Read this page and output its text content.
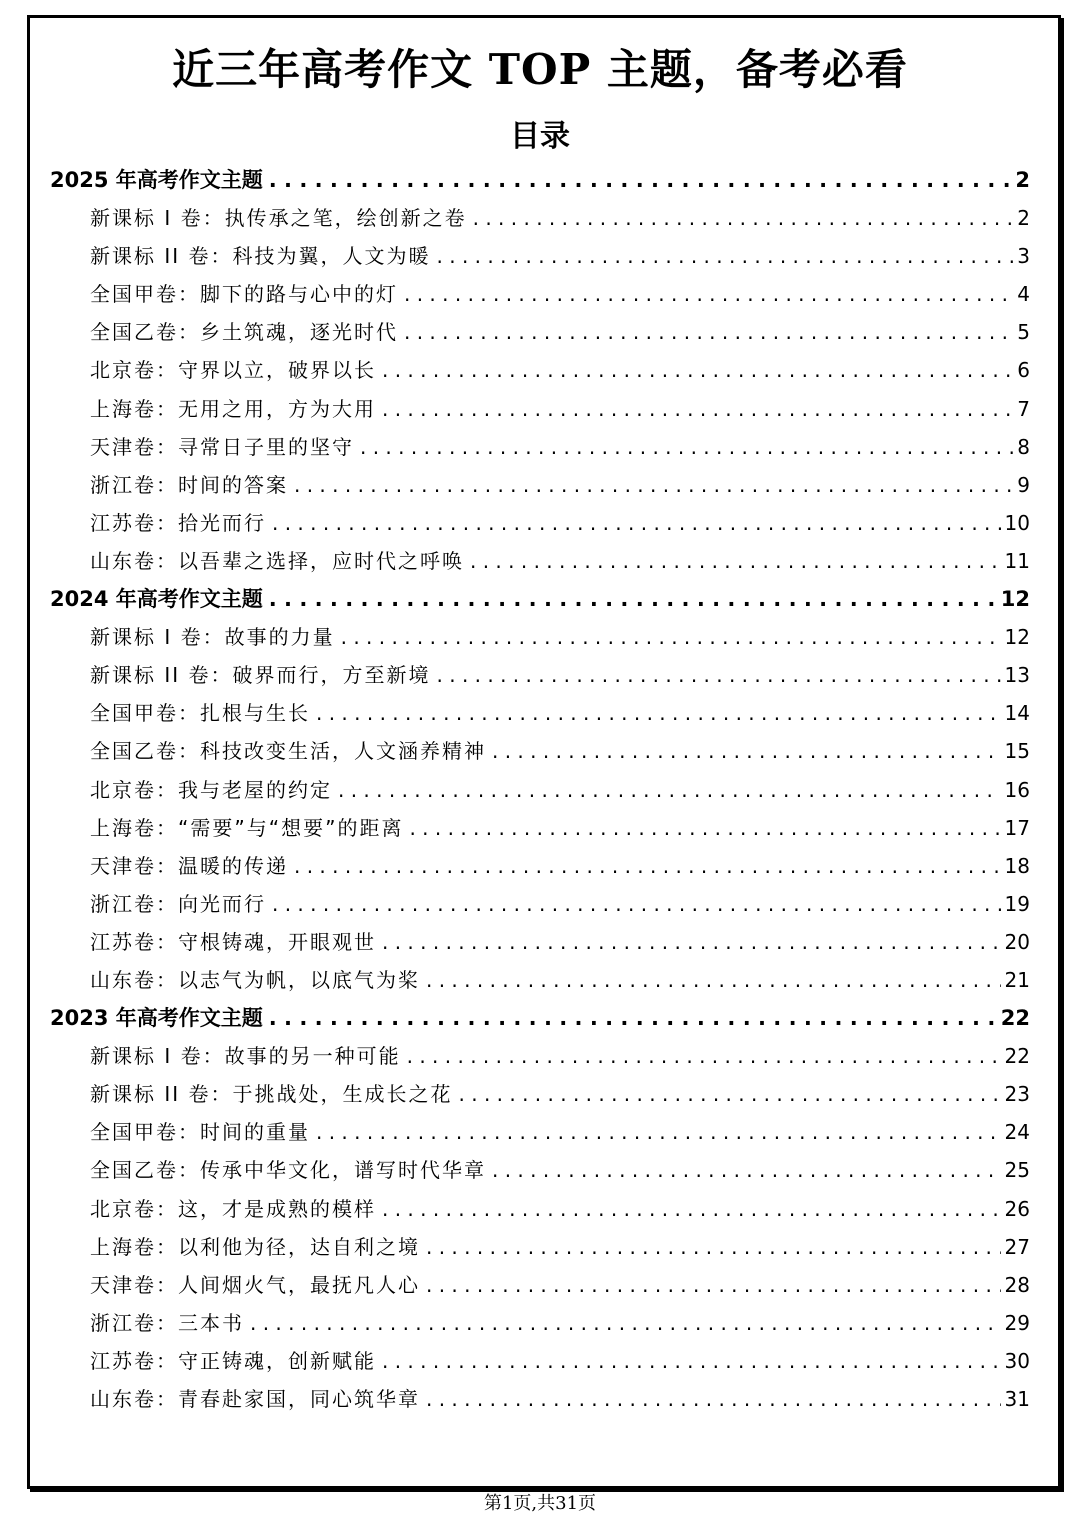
近三年高考作文 TOP 主题，备考必看
目录
2025 年高考作文主题 . . .	2
新课标 I 卷：执传承之笔，绘创新之卷 . . .	2
新课标 II 卷：科技为翼，人文为暖 . . .	3
全国甲卷：脚下的路与心中的灯 . . .	4
全国乙卷：乡土筑魂，逐光时代 . . .	5
北京卷：守界以立，破界以长 . . .	6
上海卷：无用之用，方为大用 . . .	7
天津卷：寻常日子里的坚守 . . .	8
浙江卷：时间的答案 . . .	9
江苏卷：拾光而行 . . .	10
山东卷：以吾辈之选择，应时代之呼唤 . . .	11
2024 年高考作文主题 . . .	12
新课标 I 卷：故事的力量 . . .	12
新课标 II 卷：破界而行，方至新境 . . .	13
全国甲卷：扎根与生长 . . .	14
全国乙卷：科技改变生活，人文涵养精神 . . .	15
北京卷：我与老屋的约定 . . .	16
上海卷：“需要”与“想要”的距离 . . .	17
天津卷：温暖的传递 . . .	18
浙江卷：向光而行 . . .	19
江苏卷：守根铸魂，开眼观世 . . .	20
山东卷：以志气为帆，以底气为桨 . . .	21
2023 年高考作文主题 . . .	22
新课标 I 卷：故事的另一种可能 . . .	22
新课标 II 卷：于挑战处，生成长之花 . . .	23
全国甲卷：时间的重量 . . .	24
全国乙卷：传承中华文化，谱写时代华章 . . .	25
北京卷：这，才是成熟的模样 . . .	26
上海卷：以利他为径，达自利之境 . . .	27
天津卷：人间烟火气，最抚凡人心 . . .	28
浙江卷：三本书 . . .	29
江苏卷：守正铸魂，创新赋能 . . .	30
山东卷：青春赴家国，同心筑华章 . . .	31
第1页,共31页
